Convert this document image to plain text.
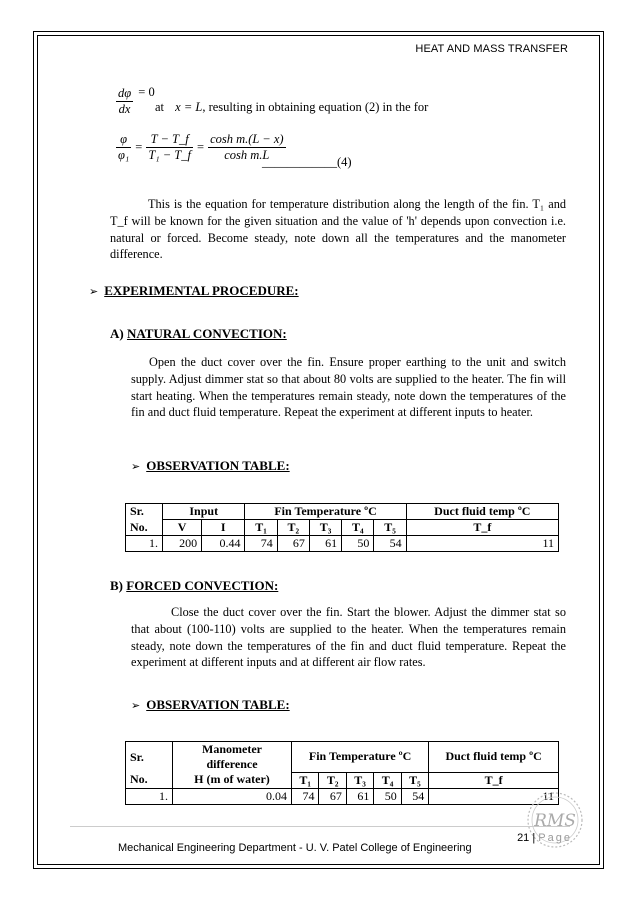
HEAT AND MASS TRANSFER
$\frac{d\varphi}{dx} = 0$
at x = L, resulting in obtaining equation (2) in the for
$\frac{\varphi}{\text{φ₁}} = \frac{T - T\_f}{\text{T₁ − T\_f}} = \frac{\text{cosh m.(L − x)}}{\text{cosh m.L}}$
____________(4)
This is the equation for temperature distribution along the length of the fin. T₁ and T_f will be known for the given situation and the value of 'h' depends upon convection i.e. natural or forced. Become steady, note down all the temperatures and the manometer difference.
➢ EXPERIMENTAL PROCEDURE:
A) NATURAL CONVECTION:
Open the duct cover over the fin. Ensure proper earthing to the unit and switch supply. Adjust dimmer stat so that about 80 volts are supplied to the heater. The fin will start heating. When the temperatures remain steady, note down the temperatures of the fin and duct fluid temperature. Repeat the experiment at different inputs to heater.
➢ OBSERVATION TABLE:
Sr.	Input		Fin Temperature ºC					Duct fluid temp ºC
No.	V	I	T₁	T₂	T₃	T₄	T₅	T_f
1.	200	0.44	74	67	61	50	54	11
B) FORCED CONVECTION:
Close the duct cover over the fin. Start the blower. Adjust the dimmer stat so that about (100-110) volts are supplied to the heater. When the temperatures remain steady, note down the temperatures of the fin and duct fluid temperature. Repeat the experiment at different inputs and at different air flow rates.
➢ OBSERVATION TABLE:
Sr.	Manometer difference	Fin Temperature ºC					Duct fluid temp ºC
No.	H (m of water)	T₁	T₂	T₃	T₄	T₅	T_f
1.	0.04	74	67	61	50	54	11
RMS
21 | Page
Mechanical Engineering Department - U. V. Patel College of Engineering
